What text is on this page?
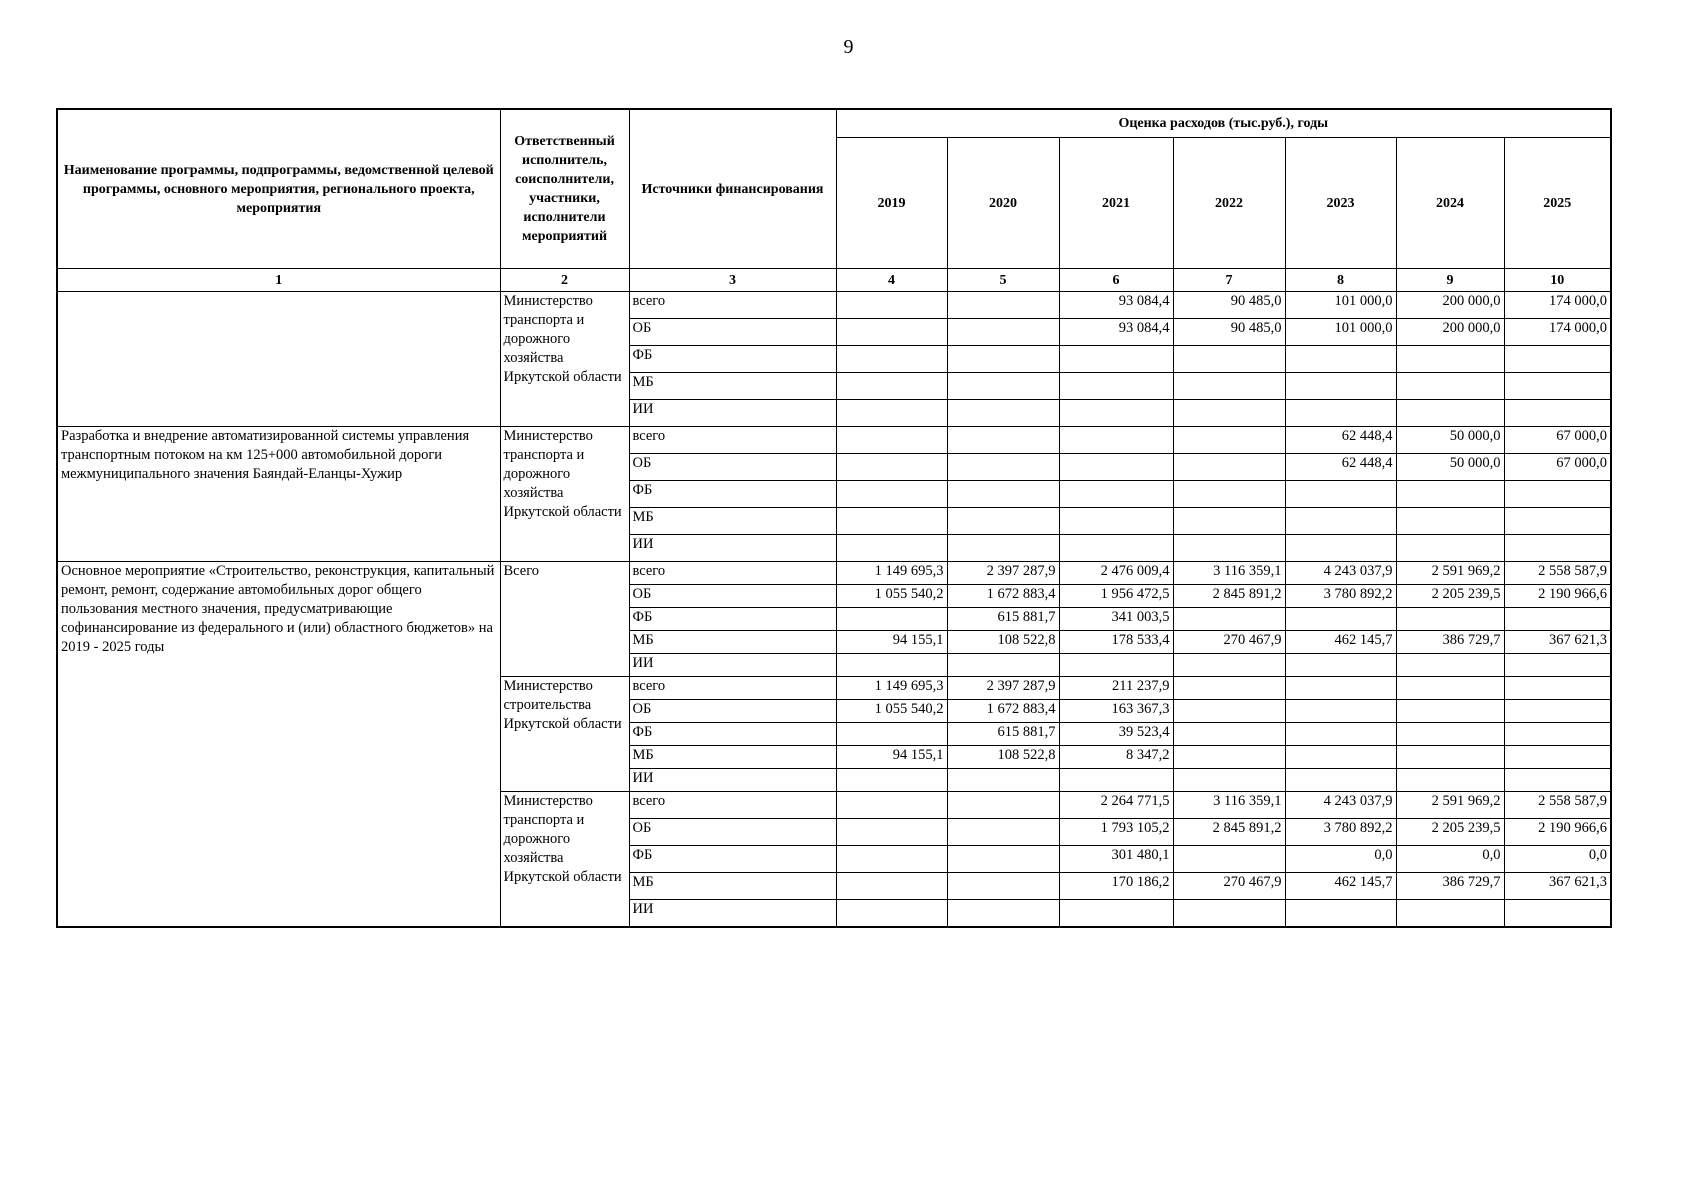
9
Наименование программы, подпрограммы, ведомственной целевой программы, основного мероприятия, регионального проекта, мероприятия	Ответственный исполнитель, соисполнители, участники, исполнители мероприятий	Источники финансирования	Оценка расходов (тыс.руб.), годы						
			2019	2020	2021	2022	2023	2024	2025
1	2	3	4	5	6	7	8	9	10
	Министерство транспорта и дорожного хозяйства Иркутской области	всего			93 084,4	90 485,0	101 000,0	200 000,0	174 000,0
		ОБ			93 084,4	90 485,0	101 000,0	200 000,0	174 000,0
		ФБ							
		МБ							
		ИИ							
Разработка и внедрение автоматизированной системы управления транспортным потоком на км 125+000 автомобильной дороги межмуниципального значения Баяндай-Еланцы-Хужир	Министерство транспорта и дорожного хозяйства Иркутской области	всего					62 448,4	50 000,0	67 000,0
		ОБ					62 448,4	50 000,0	67 000,0
		ФБ							
		МБ							
		ИИ							
Основное мероприятие «Строительство, реконструкция, капитальный ремонт, ремонт, содержание автомобильных дорог общего пользования местного значения, предусматривающие софинансирование из федерального и (или) областного бюджетов» на 2019 - 2025 годы	Всего	всего	1 149 695,3	2 397 287,9	2 476 009,4	3 116 359,1	4 243 037,9	2 591 969,2	2 558 587,9
		ОБ	1 055 540,2	1 672 883,4	1 956 472,5	2 845 891,2	3 780 892,2	2 205 239,5	2 190 966,6
		ФБ		615 881,7	341 003,5				
		МБ	94 155,1	108 522,8	178 533,4	270 467,9	462 145,7	386 729,7	367 621,3
		ИИ							
	Министерство строительства Иркутской области	всего	1 149 695,3	2 397 287,9	211 237,9				
		ОБ	1 055 540,2	1 672 883,4	163 367,3				
		ФБ		615 881,7	39 523,4				
		МБ	94 155,1	108 522,8	8 347,2				
		ИИ							
	Министерство транспорта и дорожного хозяйства Иркутской области	всего			2 264 771,5	3 116 359,1	4 243 037,9	2 591 969,2	2 558 587,9
		ОБ			1 793 105,2	2 845 891,2	3 780 892,2	2 205 239,5	2 190 966,6
		ФБ			301 480,1		0,0	0,0	0,0
		МБ			170 186,2	270 467,9	462 145,7	386 729,7	367 621,3
		ИИ							
